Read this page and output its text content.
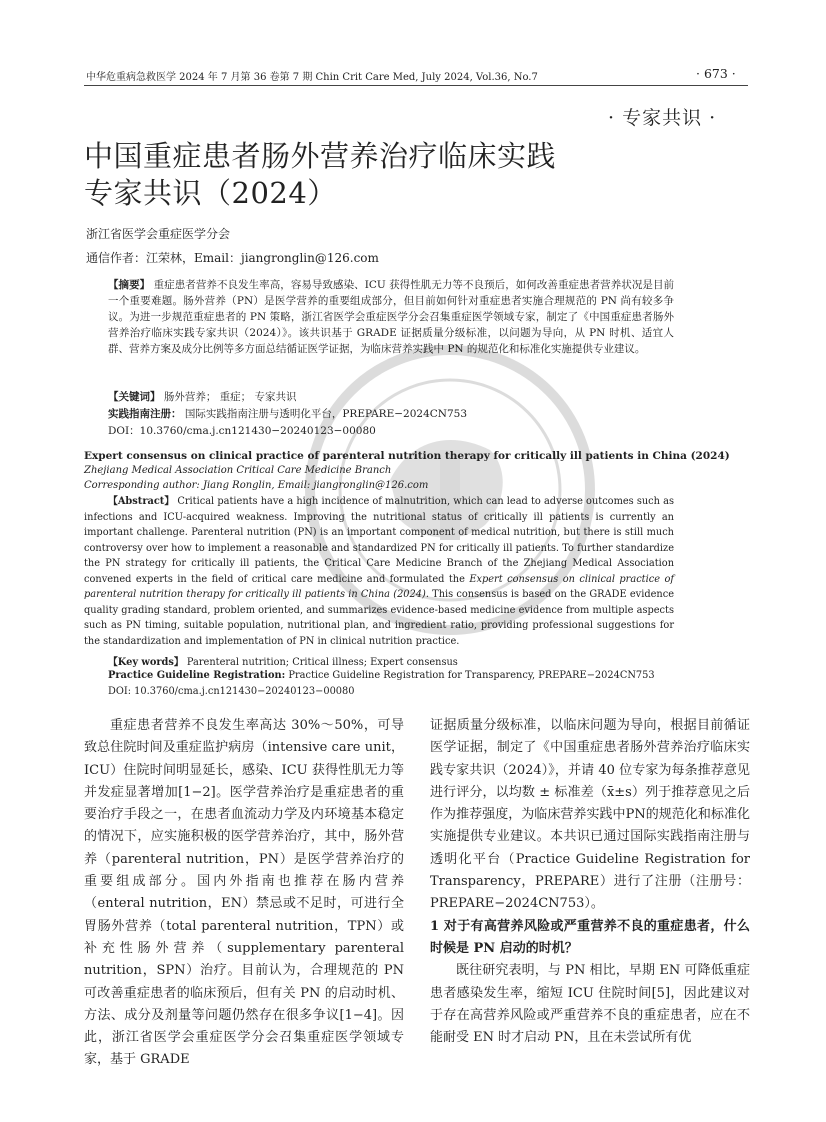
中华危重病急救医学 2024 年 7 月第 36 卷第 7 期 Chin Crit Care Med, July 2024, Vol.36, No.7	· 673 ·
· 专家共识 ·
中国重症患者肠外营养治疗临床实践
专家共识（2024）
浙江省医学会重症医学分会
通信作者：江荣林，Email：jiangronglin@126.com

【摘要】 重症患者营养不良发生率高，容易导致感染、ICU 获得性肌无力等不良预后，如何改善重症患者营养状况是目前一个重要难题。肠外营养（PN）是医学营养的重要组成部分，但目前如何针对重症患者实施合理规范的 PN 尚有较多争议。为进一步规范重症患者的 PN 策略，浙江省医学会重症医学分会召集重症医学领域专家，制定了《中国重症患者肠外营养治疗临床实践专家共识（2024）》。该共识基于 GRADE 证据质量分级标准，以问题为导向，从 PN 时机、适宜人群、营养方案及成分比例等多方面总结循证医学证据，为临床营养实践中 PN 的规范化和标准化实施提供专业建议。

【关键词】 肠外营养； 重症； 专家共识
实践指南注册： 国际实践指南注册与透明化平台，PREPARE−2024CN753
DOI：10.3760/cma.j.cn121430−20240123−00080
Expert consensus on clinical practice of parenteral nutrition therapy for critically ill patients in China (2024)
Zhejiang Medical Association Critical Care Medicine Branch
Corresponding author: Jiang Ronglin, Email: jiangronglin@126.com
【Abstract】 Critical patients have a high incidence of malnutrition, which can lead to adverse outcomes such as infections and ICU-acquired weakness. Improving the nutritional status of critically ill patients is currently an important challenge. Parenteral nutrition (PN) is an important component of medical nutrition, but there is still much controversy over how to implement a reasonable and standardized PN for critically ill patients. To further standardize the PN strategy for critically ill patients, the Critical Care Medicine Branch of the Zhejiang Medical Association convened experts in the field of critical care medicine and formulated the Expert consensus on clinical practice of parenteral nutrition therapy for critically ill patients in China (2024). This consensus is based on the GRADE evidence quality grading standard, problem oriented, and summarizes evidence-based medicine evidence from multiple aspects such as PN timing, suitable population, nutritional plan, and ingredient ratio, providing professional suggestions for the standardization and implementation of PN in clinical nutrition practice.
【Key words】 Parenteral nutrition; Critical illness; Expert consensus
Practice Guideline Registration: Practice Guideline Registration for Transparency, PREPARE−2024CN753
DOI: 10.3760/cma.j.cn121430−20240123−00080

重症患者营养不良发生率高达 30%～50%，可导致总住院时间及重症监护病房（intensive care unit，ICU）住院时间明显延长，感染、ICU 获得性肌无力等并发症显著增加[1−2]。医学营养治疗是重症患者的重要治疗手段之一，在患者血流动力学及内环境基本稳定的情况下，应实施积极的医学营养治疗，其中，肠外营养（parenteral nutrition，PN）是医学营养治疗的重要组成部分。国内外指南也推荐在肠内营养（enteral nutrition，EN）禁忌或不足时，可进行全胃肠外营养（total parenteral nutrition，TPN）或补充性肠外营养（supplementary parenteral nutrition，SPN）治疗。目前认为，合理规范的 PN 可改善重症患者的临床预后，但有关 PN 的启动时机、方法、成分及剂量等问题仍然存在很多争议[1−4]。因此，浙江省医学会重症医学分会召集重症医学领域专家，基于 GRADE

证据质量分级标准，以临床问题为导向，根据目前循证医学证据，制定了《中国重症患者肠外营养治疗临床实践专家共识（2024）》，并请 40 位专家为每条推荐意见进行评分，以均数 ± 标准差（x̄±s）列于推荐意见之后作为推荐强度，为临床营养实践中PN的规范化和标准化实施提供专业建议。本共识已通过国际实践指南注册与透明化平台（Practice Guideline Registration for Transparency，PREPARE）进行了注册（注册号：PREPARE−2024CN753）。

1 对于有高营养风险或严重营养不良的重症患者，什么时候是 PN 启动的时机？

既往研究表明，与 PN 相比，早期 EN 可降低重症患者感染发生率，缩短 ICU 住院时间[5]，因此建议对于存在高营养风险或严重营养不良的重症患者，应在不能耐受 EN 时才启动 PN，且在未尝试所有优
